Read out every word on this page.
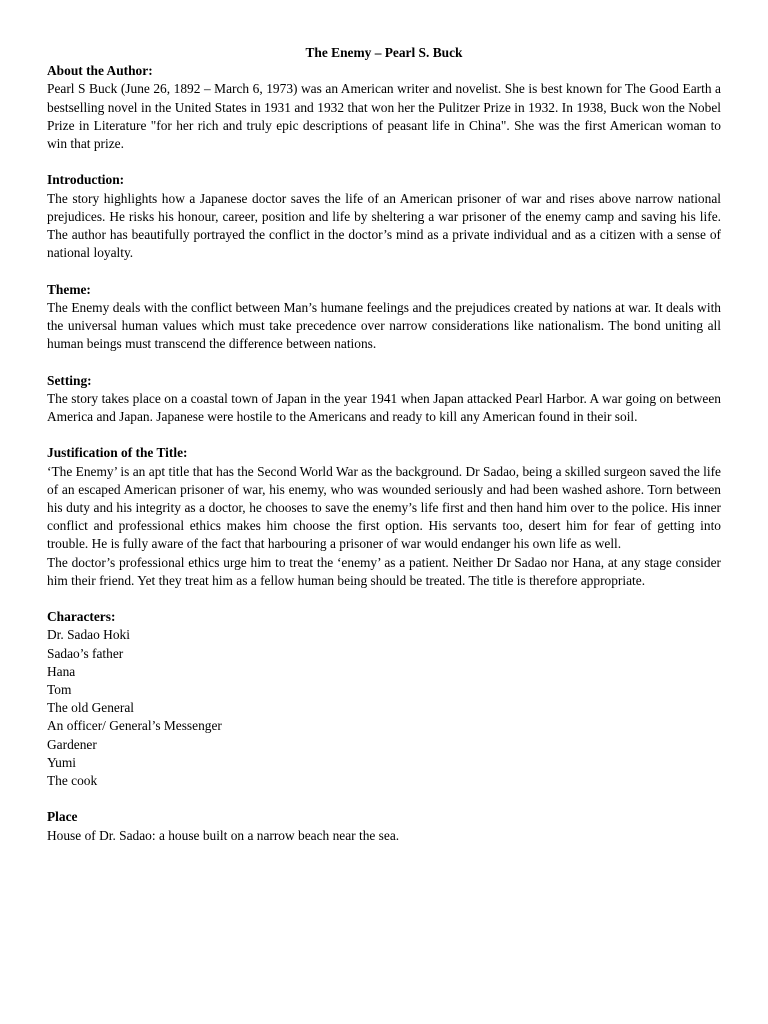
The Enemy – Pearl S. Buck

About the Author:

Pearl S Buck (June 26, 1892 – March 6, 1973) was an American writer and novelist. She is best known for The Good Earth a bestselling novel in the United States in 1931 and 1932 that won her the Pulitzer Prize in 1932. In 1938, Buck won the Nobel Prize in Literature "for her rich and truly epic descriptions of peasant life in China". She was the first American woman to win that prize.

Introduction:

The story highlights how a Japanese doctor saves the life of an American prisoner of war and rises above narrow national prejudices. He risks his honour, career, position and life by sheltering a war prisoner of the enemy camp and saving his life. The author has beautifully portrayed the conflict in the doctor’s mind as a private individual and as a citizen with a sense of national loyalty.

Theme:

The Enemy deals with the conflict between Man’s humane feelings and the prejudices created by nations at war. It deals with the universal human values which must take precedence over narrow considerations like nationalism. The bond uniting all human beings must transcend the difference between nations.

Setting:

The story takes place on a coastal town of Japan in the year 1941 when Japan attacked Pearl Harbor. A war going on between America and Japan. Japanese were hostile to the Americans and ready to kill any American found in their soil.

Justification of the Title:

‘The Enemy’ is an apt title that has the Second World War as the background. Dr Sadao, being a skilled surgeon saved the life of an escaped American prisoner of war, his enemy, who was wounded seriously and had been washed ashore. Torn between his duty and his integrity as a doctor, he chooses to save the enemy’s life first and then hand him over to the police. His inner conflict and professional ethics makes him choose the first option. His servants too, desert him for fear of getting into trouble. He is fully aware of the fact that harbouring a prisoner of war would endanger his own life as well.

The doctor’s professional ethics urge him to treat the ‘enemy’ as a patient. Neither Dr Sadao nor Hana, at any stage consider him their friend. Yet they treat him as a fellow human being should be treated. The title is therefore appropriate.

Characters:

Dr. Sadao Hoki
Sadao’s father
Hana
Tom
The old General
An officer/ General’s Messenger
Gardener
Yumi
The cook

Place

House of Dr. Sadao: a house built on a narrow beach near the sea.
